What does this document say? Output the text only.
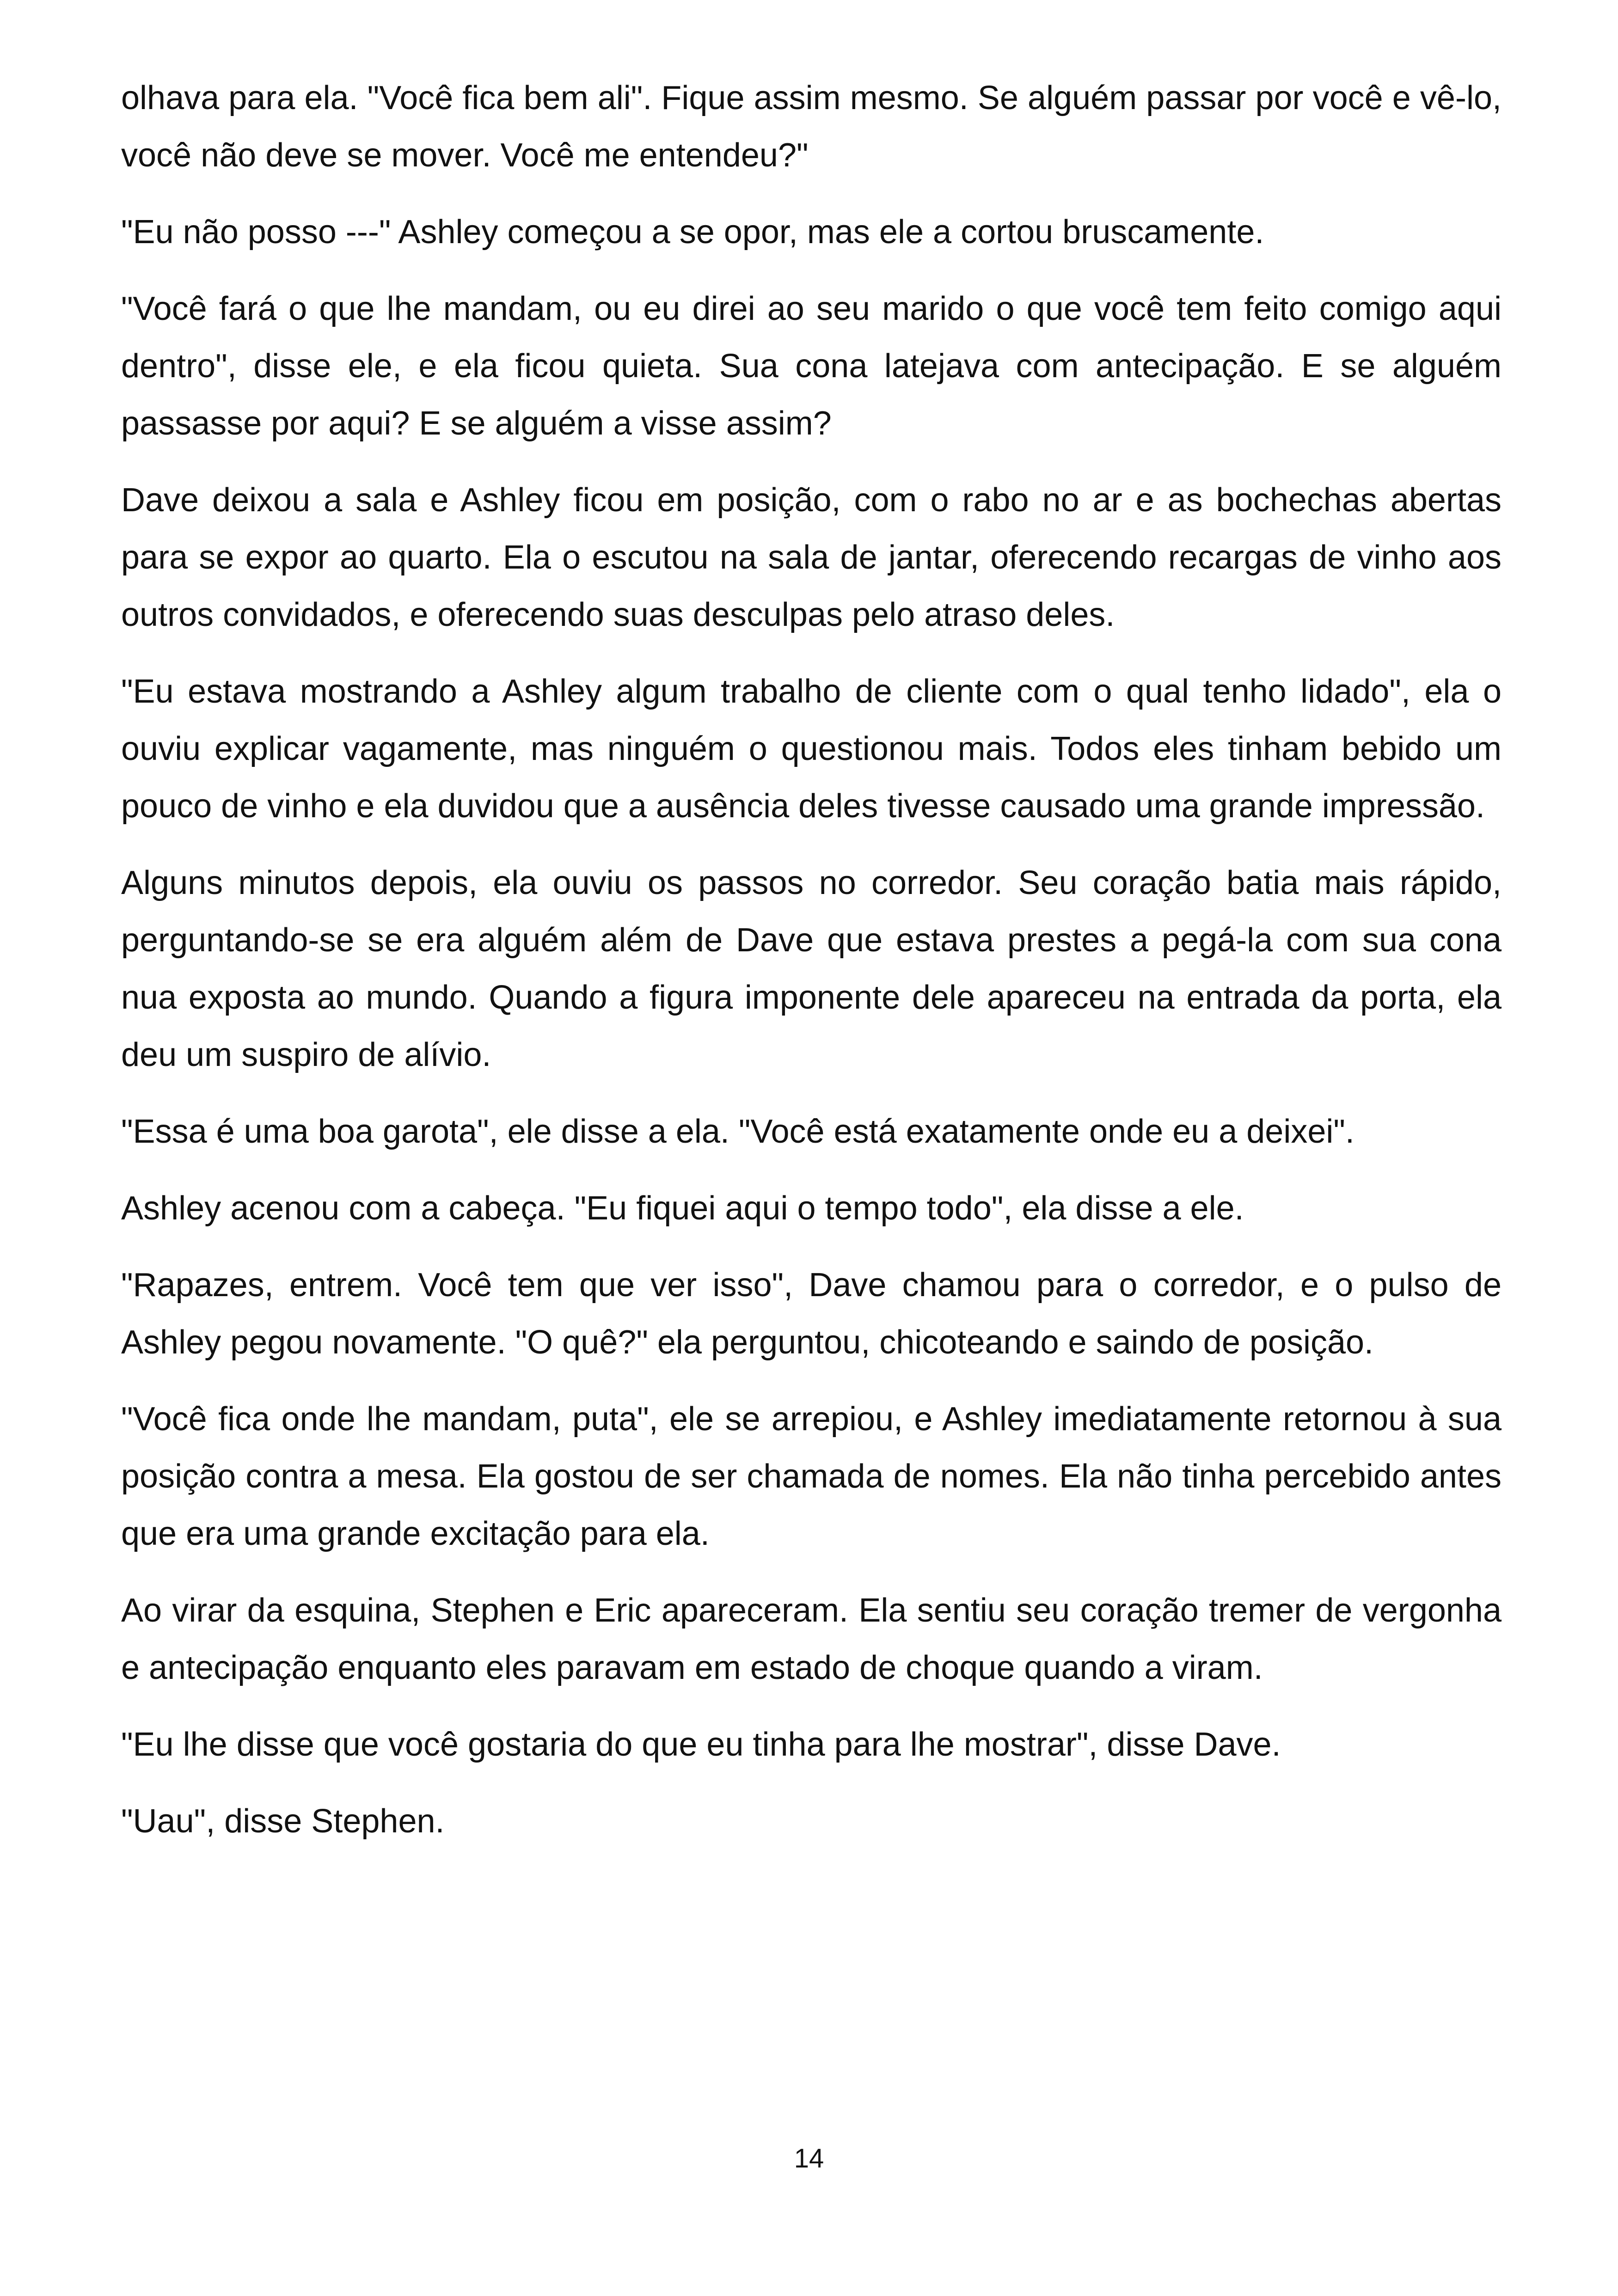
olhava para ela. "Você fica bem ali". Fique assim mesmo. Se alguém passar por você e vê-lo, você não deve se mover. Você me entendeu?"

"Eu não posso ---" Ashley começou a se opor, mas ele a cortou bruscamente.

"Você fará o que lhe mandam, ou eu direi ao seu marido o que você tem feito comigo aqui dentro", disse ele, e ela ficou quieta. Sua cona latejava com antecipação. E se alguém passasse por aqui? E se alguém a visse assim?

Dave deixou a sala e Ashley ficou em posição, com o rabo no ar e as bochechas abertas para se expor ao quarto. Ela o escutou na sala de jantar, oferecendo recargas de vinho aos outros convidados, e oferecendo suas desculpas pelo atraso deles.

"Eu estava mostrando a Ashley algum trabalho de cliente com o qual tenho lidado", ela o ouviu explicar vagamente, mas ninguém o questionou mais. Todos eles tinham bebido um pouco de vinho e ela duvidou que a ausência deles tivesse causado uma grande impressão.

Alguns minutos depois, ela ouviu os passos no corredor. Seu coração batia mais rápido, perguntando-se se era alguém além de Dave que estava prestes a pegá-la com sua cona nua exposta ao mundo. Quando a figura imponente dele apareceu na entrada da porta, ela deu um suspiro de alívio.

"Essa é uma boa garota", ele disse a ela. "Você está exatamente onde eu a deixei".

Ashley acenou com a cabeça. "Eu fiquei aqui o tempo todo", ela disse a ele.

"Rapazes, entrem. Você tem que ver isso", Dave chamou para o corredor, e o pulso de Ashley pegou novamente. "O quê?" ela perguntou, chicoteando e saindo de posição.

"Você fica onde lhe mandam, puta", ele se arrepiou, e Ashley imediatamente retornou à sua posição contra a mesa. Ela gostou de ser chamada de nomes. Ela não tinha percebido antes que era uma grande excitação para ela.

Ao virar da esquina, Stephen e Eric apareceram. Ela sentiu seu coração tremer de vergonha e antecipação enquanto eles paravam em estado de choque quando a viram.

"Eu lhe disse que você gostaria do que eu tinha para lhe mostrar", disse Dave.

"Uau", disse Stephen.

14
